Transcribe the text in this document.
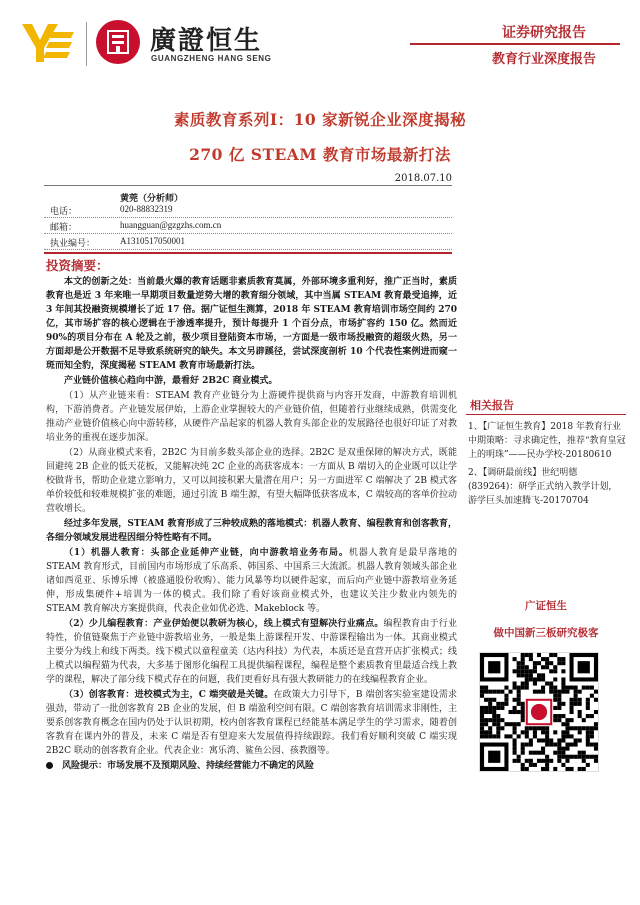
廣證恒生
GUANGZHENG HANG SENG
证券研究报告
教育行业深度报告
素质教育系列Ⅰ：10 家新锐企业深度揭秘
270 亿 STEAM 教育市场最新打法
2018.07.10
黄莞（分析师）
电话：	020-88832319
邮箱：	huangguan@gzgzhs.com.cn
执业编号：	A1310517050001
投资摘要：

本文的创新之处：当前最火爆的教育话题非素质教育莫属，外部环境多重利好，推广正当时，素质教育也是近 3 年来唯一早期项目数量逆势大增的教育细分领域，其中当属 STEAM 教育最受追捧，近 3 年间其投融资规模增长了近 17 倍。据广证恒生测算，2018 年 STEAM 教育培训市场空间约 270 亿，其市场扩容的核心逻辑在于渗透率提升，预计每提升 1 个百分点，市场扩容约 150 亿。然而近 90%的项目分布在 A 轮及之前，极少项目登陆资本市场，一方面是一级市场投融资的超级火热，另一方面却是公开数据不足导致系统研究的缺失。本文另辟蹊径，尝试深度剖析 10 个代表性案例进而窥一斑而知全豹，深度揭秘 STEAM 教育市场最新打法。

产业链价值核心趋向中游，最看好 2B2C 商业模式。

（1）从产业链来看：STEAM 教育产业链分为上游硬件提供商与内容开发商，中游教育培训机构，下游消费者。产业链发展伊始，上游企业掌握较大的产业链价值，但随着行业继续成熟，供需变化推动产业链价值核心向中游转移，从硬件产品起家的机器人教育头部企业的发展路径也很好印证了对教培业务的重视在逐步加深。

（2）从商业模式来看，2B2C 为目前多数头部企业的选择。2B2C 是双重保障的解决方式，既能回避纯 2B 企业的低天花板，又能解决纯 2C 企业的高获客成本：一方面从 B 端切入的企业既可以让学校做背书，帮助企业建立影响力，又可以间接积累大量潜在用户；另一方面进军 C 端解决了 2B 模式客单价较低和较难规模扩张的难题，通过引流 B 端生源，有望大幅降低获客成本，C 端较高的客单价拉动营收增长。

经过多年发展，STEAM 教育形成了三种较成熟的落地模式：机器人教育、编程教育和创客教育，各细分领域发展进程因细分特性略有不同。

（1）机器人教育：头部企业延伸产业链，向中游教培业务布局。机器人教育是最早落地的 STEAM 教育形式，目前国内市场形成了乐高系、韩国系、中国系三大流派。机器人教育领域头部企业诸如西觅亚、乐博乐博（被盛通股份收购）、能力风暴等均以硬件起家，而后向产业链中游教培业务延伸，形成集硬件+培训为一体的模式。我们除了看好该商业模式外，也建议关注少数业内领先的 STEAM 教育解决方案提供商，代表企业如优必选、Makeblock 等。

（2）少儿编程教育：产业伊始便以教研为核心，线上模式有望解决行业痛点。编程教育由于行业特性，价值链聚焦于产业链中游教培业务，一般是集上游课程开发、中游课程输出为一体。其商业模式主要分为线上和线下两类。线下模式以童程童美（达内科技）为代表，本质还是直营开店扩张模式；线上模式以编程猫为代表，大多基于图形化编程工具提供编程课程，编程是整个素质教育里最适合线上教学的课程，解决了部分线下模式存在的问题，我们更看好具有强大教研能力的在线编程教育企业。

（3）创客教育：进校模式为主，C 端突破是关键。在政策大力引导下，B 端创客实验室建设需求强劲，带动了一批创客教育 2B 企业的发展，但 B 端盈利空间有限。C 端创客教育培训需求非刚性，主要系创客教育概念在国内仍处于认识初期，校内创客教育课程已经能基本满足学生的学习需求，随着创客教育在课内外的普及，未来 C 端是否有望迎来大发展值得持续跟踪。我们看好顺利突破 C 端实现 2B2C 联动的创客教育企业。代表企业：寓乐湾、鲨鱼公园、孩教圈等。

风险提示：市场发展不及预期风险、持续经营能力不确定的风险

相关报告

1、【广证恒生教育】2018 年教育行业中期策略：寻求确定性，推荐“教育皇冠上的明珠”——民办学校-20180610

2、【调研最前线】世纪明德(839264)：研学正式纳入教学计划，游学巨头加速腾飞-20170704

广证恒生
做中国新三板研究极客
